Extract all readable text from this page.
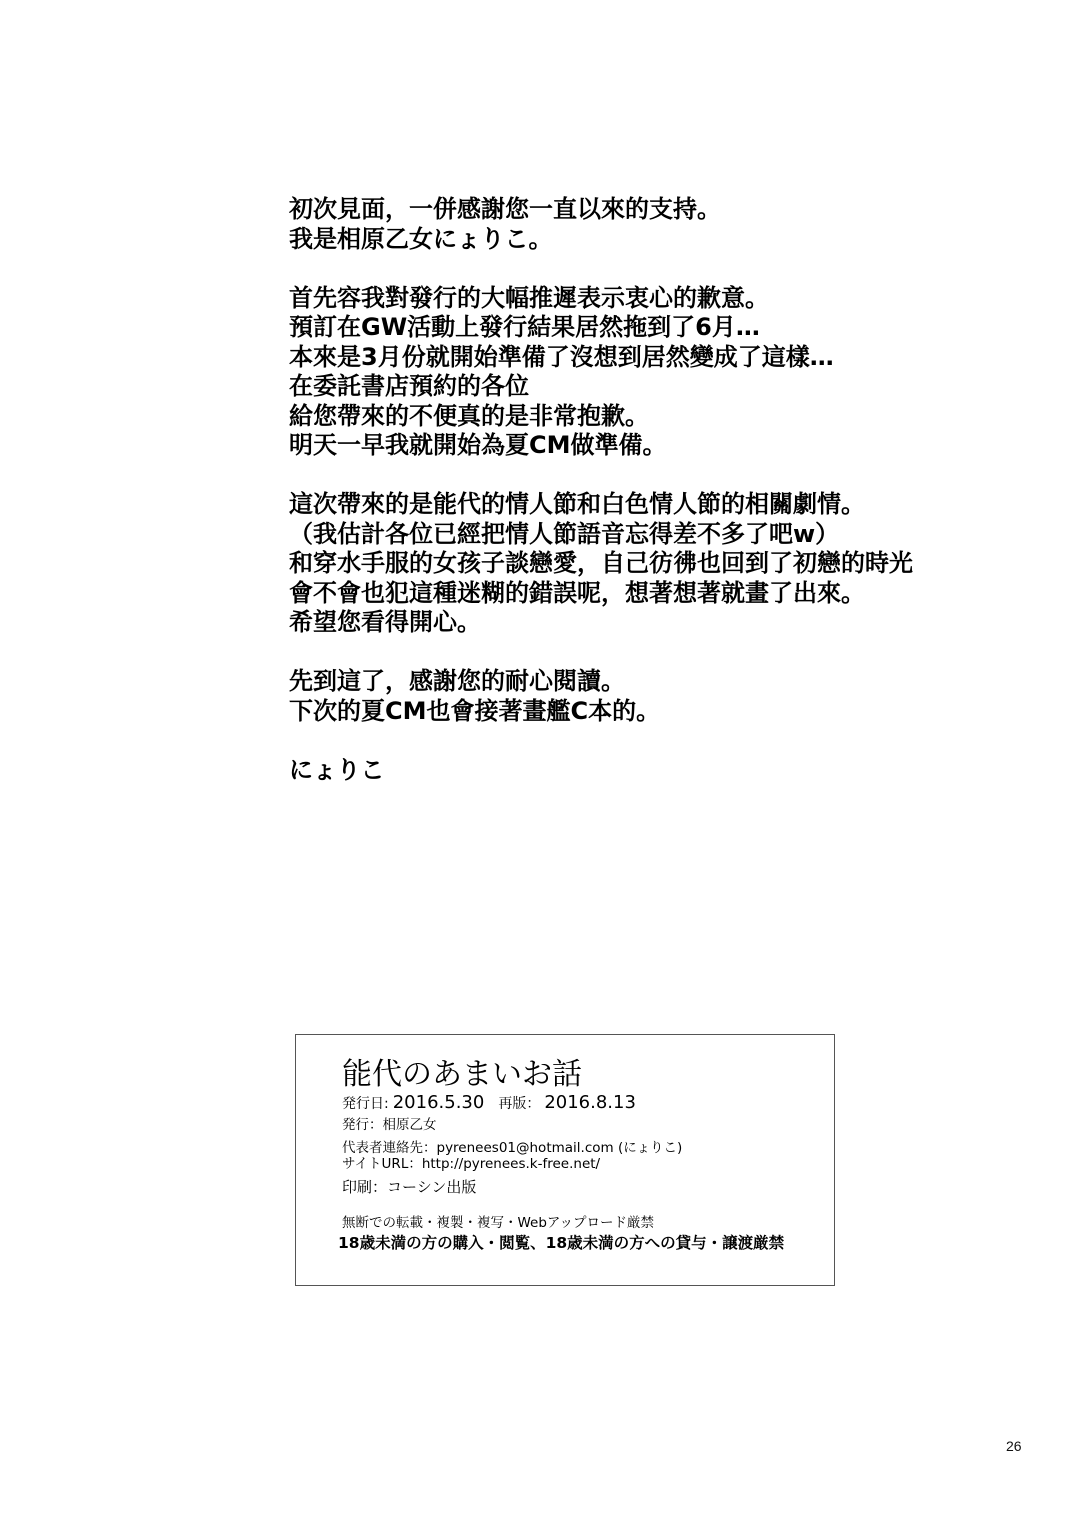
初次見面，一併感謝您一直以來的支持。
我是相原乙女にょりこ。
首先容我對發行的大幅推遲表示衷心的歉意。
預訂在GW活動上發行結果居然拖到了6月…
本來是3月份就開始準備了沒想到居然變成了這樣…
在委託書店預約的各位
給您帶來的不便真的是非常抱歉。
明天一早我就開始為夏CM做準備。
這次帶來的是能代的情人節和白色情人節的相關劇情。
（我估計各位已經把情人節語音忘得差不多了吧w）
和穿水手服的女孩子談戀愛，自己彷彿也回到了初戀的時光
會不會也犯這種迷糊的錯誤呢，想著想著就畫了出來。
希望您看得開心。
先到這了，感謝您的耐心閱讀。
下次的夏CM也會接著畫艦C本的。
にょりこ
能代のあまいお話
発行日: 2016.5.30 再版： 2016.8.13
発行：相原乙女
代表者連絡先：pyrenees01@hotmail.com (にょりこ)
サイトURL：http://pyrenees.k-free.net/
印刷：コーシン出版
無断での転載・複製・複写・Webアップロード厳禁
18歳未満の方の購入・閲覧、18歳未満の方への貸与・譲渡厳禁
26
